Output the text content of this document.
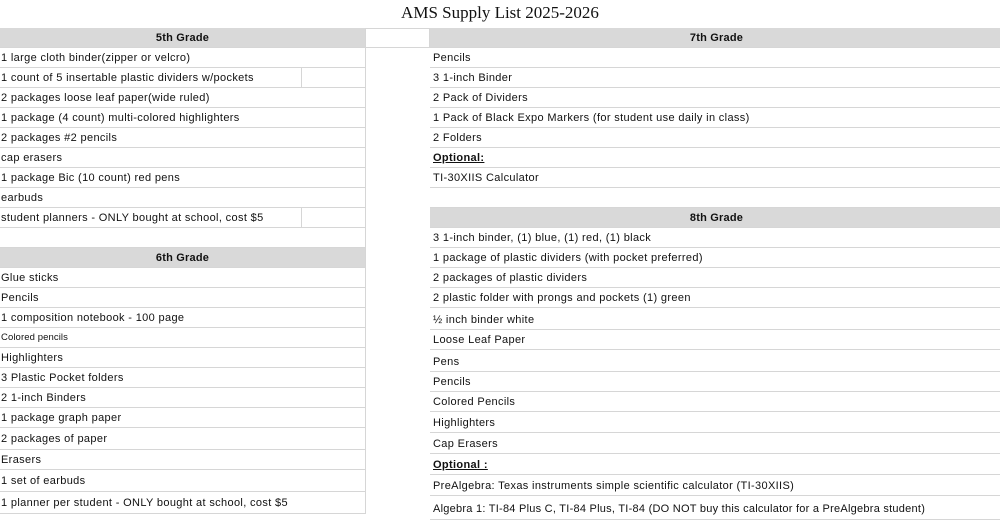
AMS Supply List 2025-2026
5th Grade
1 large cloth binder(zipper or velcro)
1 count of 5 insertable plastic dividers w/pockets
2 packages loose leaf paper(wide ruled)
1 package (4 count) multi-colored highlighters
2 packages #2 pencils
cap erasers
1 package Bic (10 count) red pens
earbuds
student planners - ONLY bought at school, cost $5
6th Grade
Glue sticks
Pencils
1 composition notebook - 100 page
Colored pencils
Highlighters
3 Plastic Pocket folders
2 1-inch Binders
1 package graph paper
2 packages of paper
Erasers
1 set of earbuds
1 planner per student - ONLY bought at school, cost $5
7th Grade
Pencils
3 1-inch Binder
2 Pack of Dividers
1 Pack of Black Expo Markers (for student use daily in class)
2 Folders
Optional:
TI-30XIIS Calculator
8th Grade
3 1-inch binder, (1) blue, (1) red, (1) black
1 package of plastic dividers (with pocket preferred)
2 packages of plastic dividers
2 plastic folder with prongs and pockets (1) green
½ inch binder white
Loose Leaf Paper
Pens
Pencils
Colored Pencils
Highlighters
Cap Erasers
Optional :
PreAlgebra: Texas instruments simple scientific calculator (TI-30XIIS)
Algebra 1: TI-84 Plus C, TI-84 Plus, TI-84 (DO NOT buy this calculator for a PreAlgebra student)
